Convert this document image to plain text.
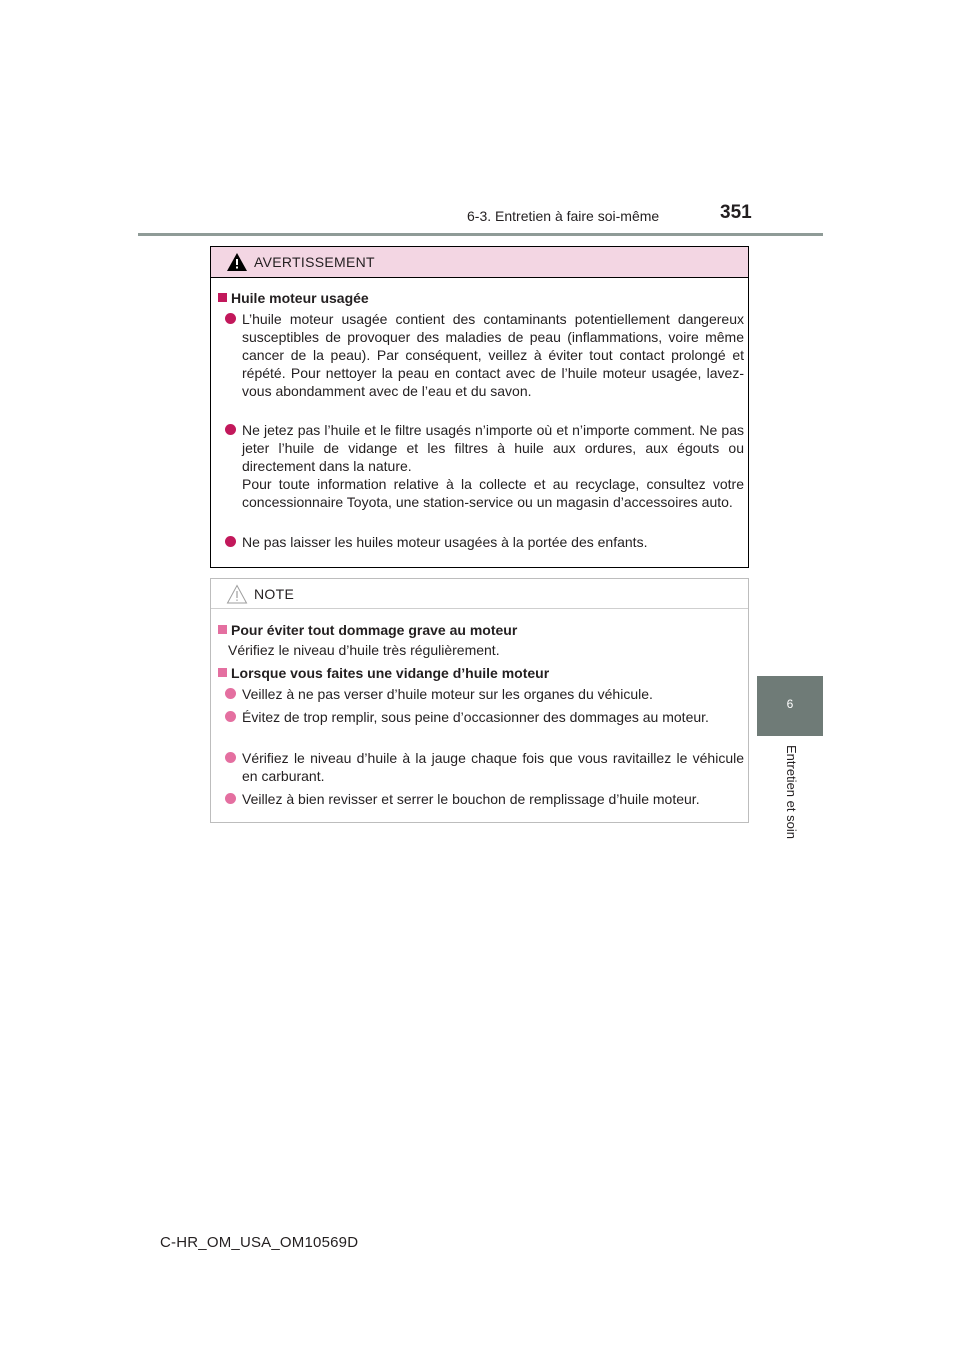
6-3. Entretien à faire soi-même	351
6
Entretien et soin
AVERTISSEMENT
Huile moteur usagée
L’huile moteur usagée contient des contaminants potentiellement dangereux susceptibles de provoquer des maladies de peau (inflammations, voire même cancer de la peau). Par conséquent, veillez à éviter tout contact prolongé et répété. Pour nettoyer la peau en contact avec de l’huile moteur usagée, lavez-vous abondamment avec de l’eau et du savon.
Ne jetez pas l’huile et le filtre usagés n’importe où et n’importe comment. Ne pas jeter l’huile de vidange et les filtres à huile aux ordures, aux égouts ou directement dans la nature.
Pour toute information relative à la collecte et au recyclage, consultez votre concessionnaire Toyota, une station-service ou un magasin d’accessoires auto.
Ne pas laisser les huiles moteur usagées à la portée des enfants.
NOTE
Pour éviter tout dommage grave au moteur
Vérifiez le niveau d’huile très régulièrement.
Lorsque vous faites une vidange d’huile moteur
Veillez à ne pas verser d’huile moteur sur les organes du véhicule.
Évitez de trop remplir, sous peine d’occasionner des dommages au moteur.
Vérifiez le niveau d’huile à la jauge chaque fois que vous ravitaillez le véhicule en carburant.
Veillez à bien revisser et serrer le bouchon de remplissage d’huile moteur.
C-HR_OM_USA_OM10569D
